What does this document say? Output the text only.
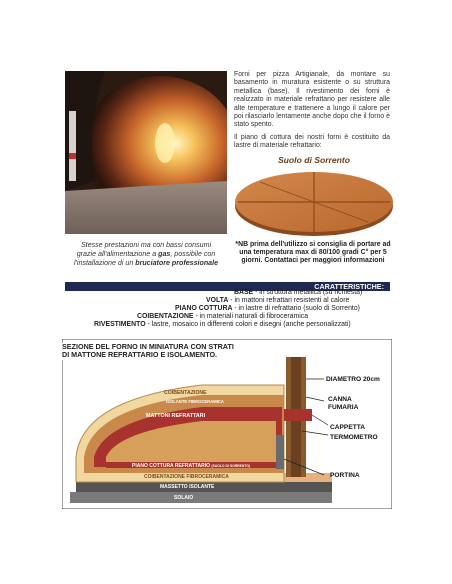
Stesse prestazioni ma con bassi consumi
grazie all'alimentazione a gas, possibile con
l'installazione di un bruciatore professionale

Forni per pizza Artigianale, da montare su basamento in muratura esistente o su struttura metallica (base). Il rivestimento dei forni è realizzato in materiale refrattario per resistere alle alte temperature e trattenere a lungo il calore per poi rilasciarlo lentamente anche dopo che il forno è stato spento.

Il piano di cottura dei nostri forni è costituito da lastre di materiale refrattario:

Suolo di Sorrento
*NB prima dell'utilizzo si consiglia di portare ad una temperatura max di 80/100 gradi C° per 5 giorni. Contattaci per maggiori informazioni
CARATTERISTICHE:
BASE - in struttura metallica (su richiesta)
VOLTA - in mattoni refrattari resistenti al calore
PIANO COTTURA - in lastre di refrattario (suolo di Sorrento)
COIBENTAZIONE - in materiali naturali di fibroceramica
RIVESTIMENTO - lastre, mosaico in differenti colori e disegni (anche personalizzati)
SEZIONE DEL FORNO IN MINIATURA CON STRATI
DI MATTONE REFRATTARIO E ISOLAMENTO.
DIAMETRO 20cm
CANNA
FUMARIA
CAPPETTA
TERMOMETRO
PORTINA
COIBENTAZIONE
ISOLANTE FIBROCERAMICA
MATTONI REFRATTARI
PIANO COTTURA REFRATTARIO (SUOLO DI SORRENTO)
COIBENTAZIONE FIBROCERAMICA
MASSETTO ISOLANTE
SOLAIO
